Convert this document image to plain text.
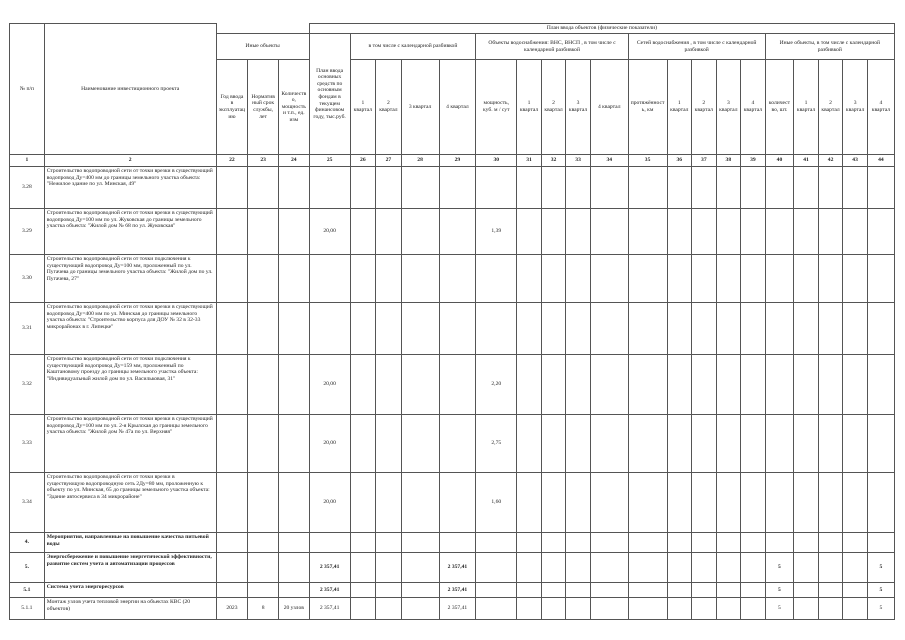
№ п/п	Наименование инвестиционного проекта				План ввода объектов (физические показатели)																			
		Иные объекты			План ввода основных средств по основным фондам в текущем финансовом году, тыс.руб.	в том числе с календарной разбивкой				Объекты водоснабжения: ВНС, ВНСП , в том числе с календарной разбивкой					Сетей водоснабжения , в том числе с календарной разбивкой					Иные объекты, в том числе с календарной разбивкой				
		Год ввода в эксплуатацию	Нормативный срок службы, лет	Количество, мощность и т.п., ед. изм		1 квартал	2 квартал	3 квартал	4 квартал	мощность, куб. м / сут	1 квартал	2 квартал	3 квартал	4 квартал	протяжённость, км	1 квартал	2 квартал	3 квартал	4 квартал	количество, шт.	1 квартал	2 квартал	3 квартал	4 квартал
1	2	22	23	24	25	26	27	28	29	30	31	32	33	34	35	36	37	38	39	40	41	42	43	44
3.28	Строительство водопроводной сети от точки врезки в существующий водопровод Ду=400 мм до границы земельного участка объекта: "Нежилое здание по ул. Минская, 49"																							
3.29	Строительство водопроводной сети от точки врезки в существующий водопровод Ду=100 мм по ул. Жуковская до границы земельного участка объекта: "Жилой дом № 68 по ул. Жуковская"				20,00					1,39														
3.30	Строительство водопроводной сети от точки подключения к существующий водопровод Ду=100 мм, проложенный по ул. Пугачева до границы земельного участка объекта: "Жилой дом по ул. Пугачева, 27"																							
3.31	Строительство водопроводной сети от точки врезки в существующий водопровод Ду=400 мм по ул. Минская до границы земельного участка объекта: "Строительство корпуса для ДОУ № 32 в 32-33 микрорайонах в г. Липецке"																							
3.32	Строительство водопроводной сети от точки подключения к существующий водопровод Ду=159 мм, проложенный по Каштановому проезду до границы земельного участка объекта: "Индивидуальный жилой дом по ул. Васильковая, 31"				20,00					2,20														
3.33	Строительство водопроводной сети от точки врезки в существующий водопровод Ду=100 мм по ул. 2-я Крылская до границы земельного участка объекта: "Жилой дом № 47а по ул. Верхняя"				20,00					2,75														
3.34	Строительство водопроводной сети от точки врезки в существующую водопроводную сеть 2Ду=80 мм, проложенную к объекту по ул. Минская, 65 до границы земельного участка объекта: "Здание автосервиса в 34 микрорайоне"				20,00					1,60														
4.	Мероприятия, направленные на повышение качества питьевой воды																							
5.	Энергосбережение и повышение энергетической эффективности, развитие систем учета и автоматизации процессов				2 357,41				2 357,41											5				5
5.1	Система учета энергоресурсов				2 357,41				2 357,41											5				5
5.1.1	Монтаж узлов учета тепловой энергии на объектах КВС (20 объектов)	2023	8	20 узлов	2 357,41				2 357,41											5				5
